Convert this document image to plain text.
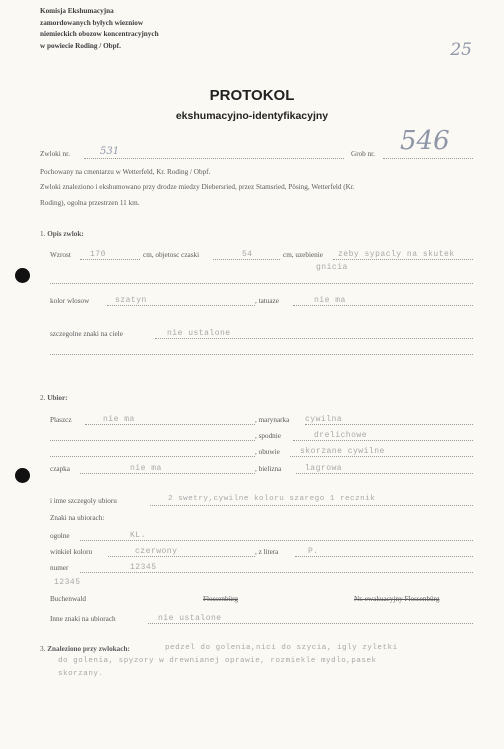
Komisja Ekshumacyjna
zamordowanych byłych wiezniow
niemieckich obozow koncentracyjnych
w powiecie Roding / Obpf.	25
PROTOKOL
ekshumacyjno-identyfikacyjny
Zwloki nr.	531	Grob nr. 546
Pochowany na cmentarzu w Wetterfeld, Kr. Roding / Obpf.
Zwloki znaleziono i ekshumowano przy drodze miedzy Diebersried, przez Stamsried, Pösing, Wetterfeld (Kr.
Roding), ogolna przestrzen 11 km.
1. Opis zwlok:
Wzrost 170	cm, objetosc czaski	54	cm, uzebienie zeby sypacly na skutek
gnicia
kolor wlosow	szatyn	, tatuaze	nie ma
szczegolne znaki na ciele	nie ustalone
2. Ubior:
Plaszcz	nie ma	, marynarka cywilna
, spodnie	drelichowe
, obuwie	skorzane cywilne
czapka	nie ma	, bielizna	lagrowa
i inne szczegoly ubioru	2 swetry,cywilne koloru szarego 1 recznik
Znaki na ubiorach:
ogolne	KL.
winkiel koloru	czerwony	, z litera	P.
numer	12345
12345
Buchenwald	Flossenbürg	Nr. ewakuacyjny Flossenbürg
Inne znaki na ubiorach	nie ustalone
3. Znaleziono przy zwlokach:	pedzel do golenia,nici do szycia, igly zyletki
do golenia, spyzory w drewnianej oprawie, rozmiekle mydlo,pasek
skorzany.
